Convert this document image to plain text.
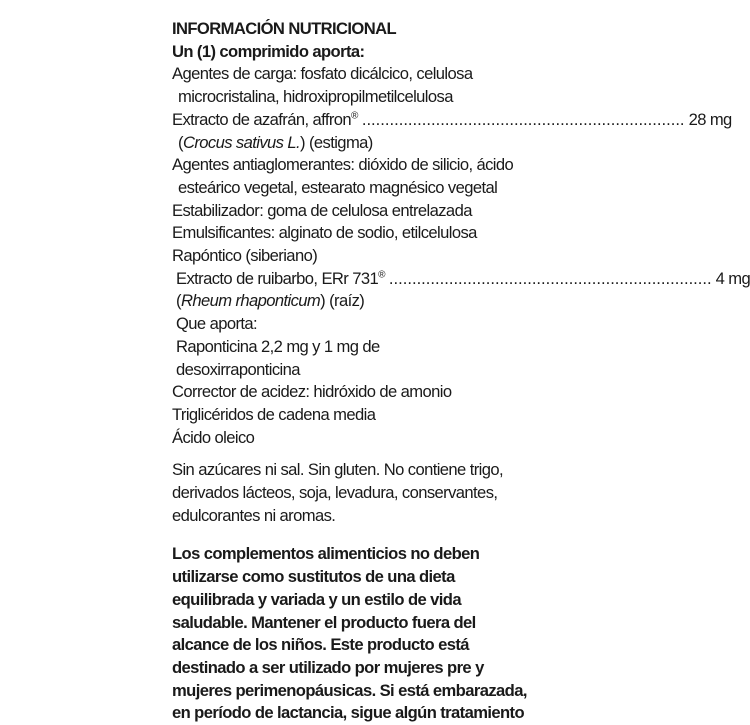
INFORMACIÓN NUTRICIONAL
Un (1) comprimido aporta:
Agentes de carga: fosfato dicálcico, celulosa
microcristalina, hidroxipropilmetilcelulosa
Extracto de azafrán, affron® ...................................................................... 28 mg
(Crocus sativus L.) (estigma)
Agentes antiaglomerantes: dióxido de silicio, ácido
esteárico vegetal, estearato magnésico vegetal
Estabilizador: goma de celulosa entrelazada
Emulsificantes: alginato de sodio, etilcelulosa
Rapóntico (siberiano)
Extracto de ruibarbo, ERr 731® ...................................................................... 4 mg
(Rheum rhaponticum) (raíz)
Que aporta:
Raponticina 2,2 mg y 1 mg de
desoxirraponticina
Corrector de acidez: hidróxido de amonio
Triglicéridos de cadena media
Ácido oleico
Sin azúcares ni sal. Sin gluten. No contiene trigo,
derivados lácteos, soja, levadura, conservantes,
edulcorantes ni aromas.
Los complementos alimenticios no deben
utilizarse como sustitutos de una dieta
equilibrada y variada y un estilo de vida
saludable. Mantener el producto fuera del
alcance de los niños. Este producto está
destinado a ser utilizado por mujeres pre y
mujeres perimenopáusicas. Si está embarazada,
en período de lactancia, sigue algún tratamiento
